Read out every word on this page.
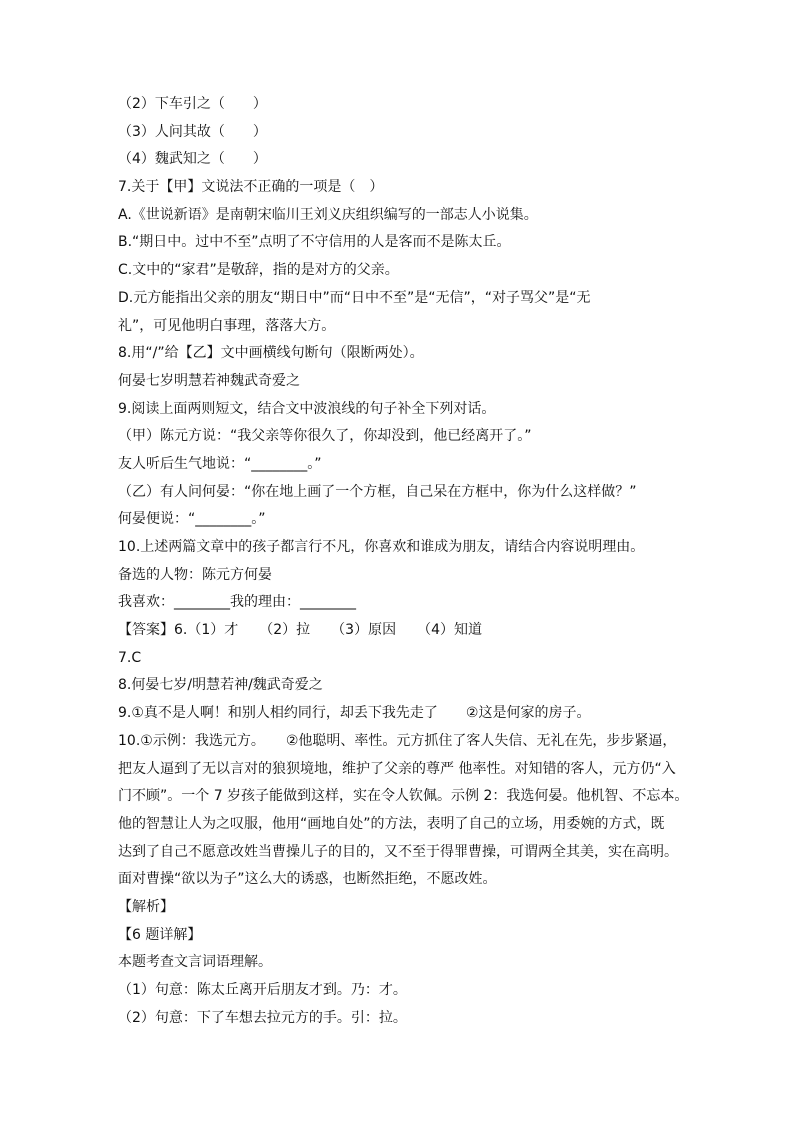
（2）下车引之（　　）
（3）人问其故（　　）
（4）魏武知之（　　）
7.关于【甲】文说法不正确的一项是（　）
A.《世说新语》是南朝宋临川王刘义庆组织编写的一部志人小说集。
B.“期日中。过中不至”点明了不守信用的人是客而不是陈太丘。
C.文中的“家君”是敬辞，指的是对方的父亲。
D.元方能指出父亲的朋友“期日中”而“日中不至”是“无信”，“对子骂父”是“无
礼”，可见他明白事理，落落大方。
8.用“/”给【乙】文中画横线句断句（限断两处）。
何晏七岁明慧若神魏武奇爱之
9.阅读上面两则短文，结合文中波浪线的句子补全下列对话。
（甲）陈元方说：“我父亲等你很久了，你却没到，他已经离开了。”
友人听后生气地说：“________。”
（乙）有人问何晏：“你在地上画了一个方框，自己呆在方框中，你为什么这样做？”
何晏便说：“________。”
10.上述两篇文章中的孩子都言行不凡，你喜欢和谁成为朋友，请结合内容说明理由。
备选的人物：陈元方何晏
我喜欢：________我的理由：________
【答案】6.（1）才　　（2）拉　　（3）原因　　（4）知道
7.C
8.何晏七岁/明慧若神/魏武奇爱之
9.①真不是人啊！和别人相约同行，却丢下我先走了　　②这是何家的房子。
10.①示例：我选元方。　　②他聪明、率性。元方抓住了客人失信、无礼在先，步步紧逼，
把友人逼到了无以言对的狼狈境地，维护了父亲的尊严 他率性。对知错的客人，元方仍“入
门不顾”。一个 7 岁孩子能做到这样，实在令人钦佩。示例 2：我选何晏。他机智、不忘本。
他的智慧让人为之叹服，他用“画地自处”的方法，表明了自己的立场，用委婉的方式，既
达到了自己不愿意改姓当曹操儿子的目的，又不至于得罪曹操，可谓两全其美，实在高明。
面对曹操“欲以为子”这么大的诱惑，也断然拒绝，不愿改姓。
【解析】
【6 题详解】
本题考查文言词语理解。
（1）句意：陈太丘离开后朋友才到。乃：才。
（2）句意：下了车想去拉元方的手。引：拉。
